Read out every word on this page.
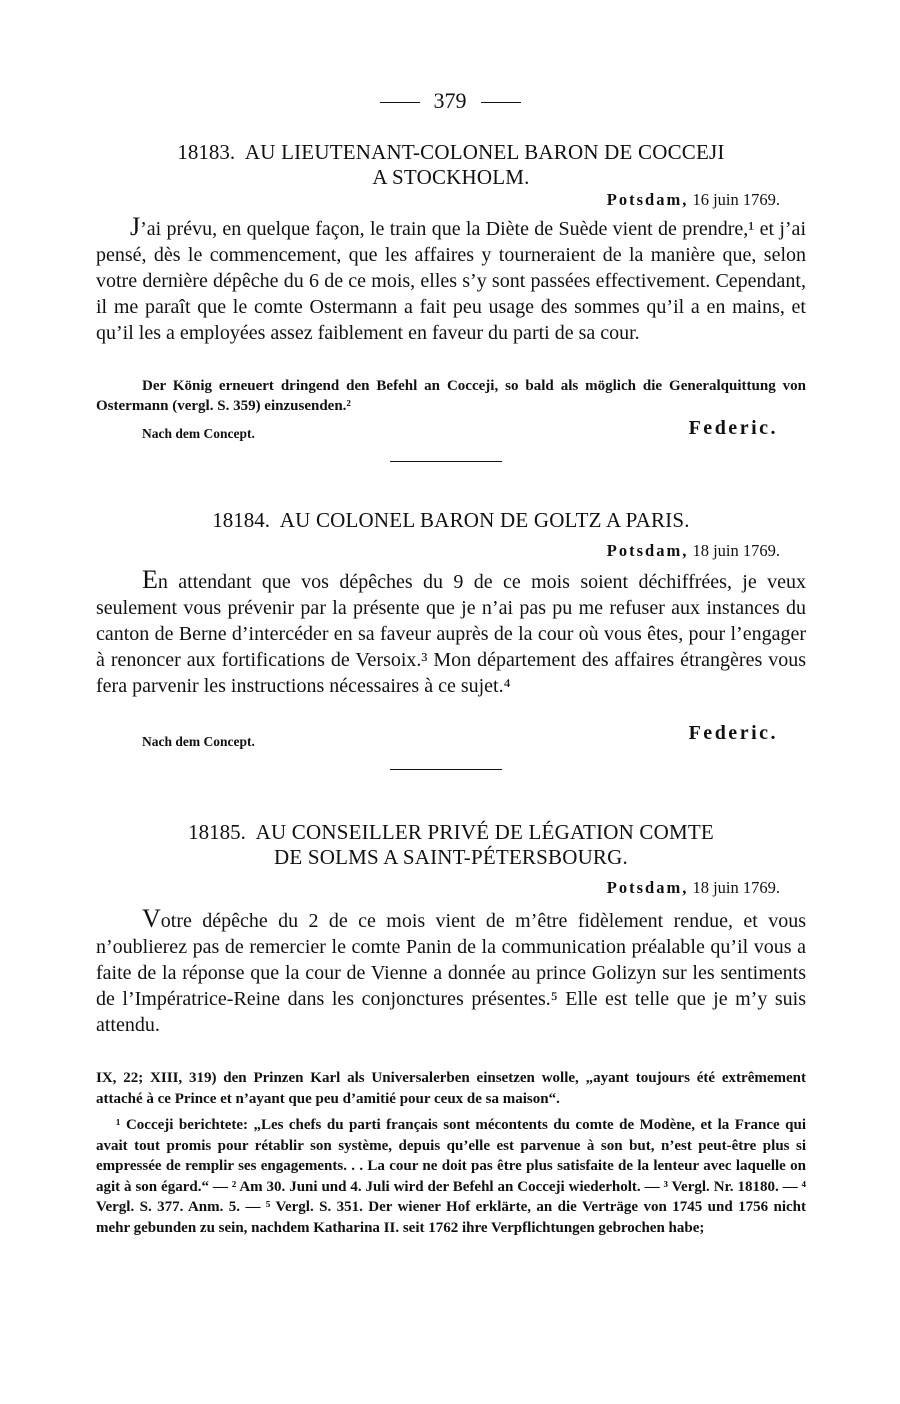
379
18183. AU LIEUTENANT-COLONEL BARON DE COCCEJI
A STOCKHOLM.
Potsdam, 16 juin 1769.
J’ai prévu, en quelque façon, le train que la Diète de Suède vient de prendre,¹ et j’ai pensé, dès le commencement, que les affaires y tourneraient de la manière que, selon votre dernière dépêche du 6 de ce mois, elles s’y sont passées effectivement. Cependant, il me paraît que le comte Ostermann a fait peu usage des sommes qu’il a en mains, et qu’il les a employées assez faiblement en faveur du parti de sa cour.
Der König erneuert dringend den Befehl an Cocceji, so bald als möglich die Generalquittung von Ostermann (vergl. S. 359) einzusenden.²
Nach dem Concept.	Federic.
18184. AU COLONEL BARON DE GOLTZ A PARIS.
Potsdam, 18 juin 1769.
En attendant que vos dépêches du 9 de ce mois soient déchiffrées, je veux seulement vous prévenir par la présente que je n’ai pas pu me refuser aux instances du canton de Berne d’intercéder en sa faveur auprès de la cour où vous êtes, pour l’engager à renoncer aux fortifications de Versoix.³ Mon département des affaires étrangères vous fera parvenir les instructions nécessaires à ce sujet.⁴
Nach dem Concept.	Federic.
18185. AU CONSEILLER PRIVÉ DE LÉGATION COMTE
DE SOLMS A SAINT-PÉTERSBOURG.
Potsdam, 18 juin 1769.
Votre dépêche du 2 de ce mois vient de m’être fidèlement rendue, et vous n’oublierez pas de remercier le comte Panin de la communication préalable qu’il vous a faite de la réponse que la cour de Vienne a donnée au prince Golizyn sur les sentiments de l’Impératrice-Reine dans les conjonctures présentes.⁵ Elle est telle que je m’y suis attendu.

IX, 22; XIII, 319) den Prinzen Karl als Universalerben einsetzen wolle, „ayant toujours été extrêmement attaché à ce Prince et n’ayant que peu d’amitié pour ceux de sa maison“.

¹ Cocceji berichtete: „Les chefs du parti français sont mécontents du comte de Modène, et la France qui avait tout promis pour rétablir son système, depuis qu’elle est parvenue à son but, n’est peut-être plus si empressée de remplir ses engagements. . . La cour ne doit pas être plus satisfaite de la lenteur avec laquelle on agit à son égard.“ — ² Am 30. Juni und 4. Juli wird der Befehl an Cocceji wiederholt. — ³ Vergl. Nr. 18180. — ⁴ Vergl. S. 377. Anm. 5. — ⁵ Vergl. S. 351. Der wiener Hof erklärte, an die Verträge von 1745 und 1756 nicht mehr gebunden zu sein, nachdem Katharina II. seit 1762 ihre Verpflichtungen gebrochen habe;
